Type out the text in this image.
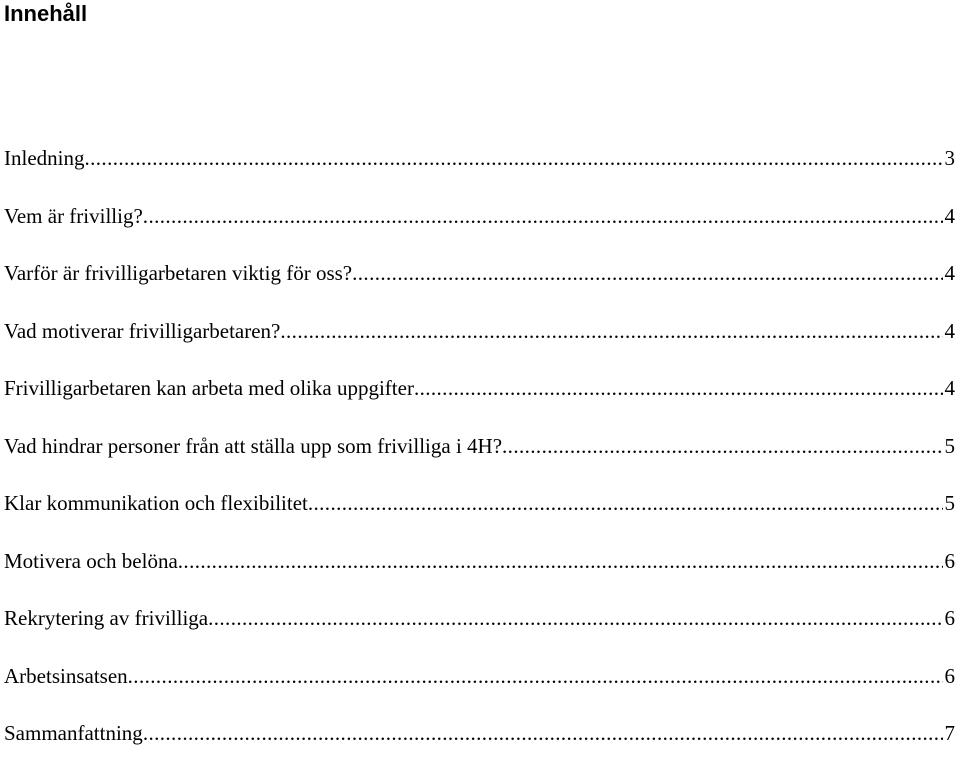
Innehåll
Inledning .....	3
Vem är frivillig? .....	4
Varför är frivilligarbetaren viktig för oss? .....	4
Vad motiverar frivilligarbetaren? .....	4
Frivilligarbetaren kan arbeta med olika uppgifter .....	4
Vad hindrar personer från att ställa upp som frivilliga i 4H? .....	5
Klar kommunikation och flexibilitet .....	5
Motivera och belöna .....	6
Rekrytering av frivilliga .....	6
Arbetsinsatsen .....	6
Sammanfattning .....	7
